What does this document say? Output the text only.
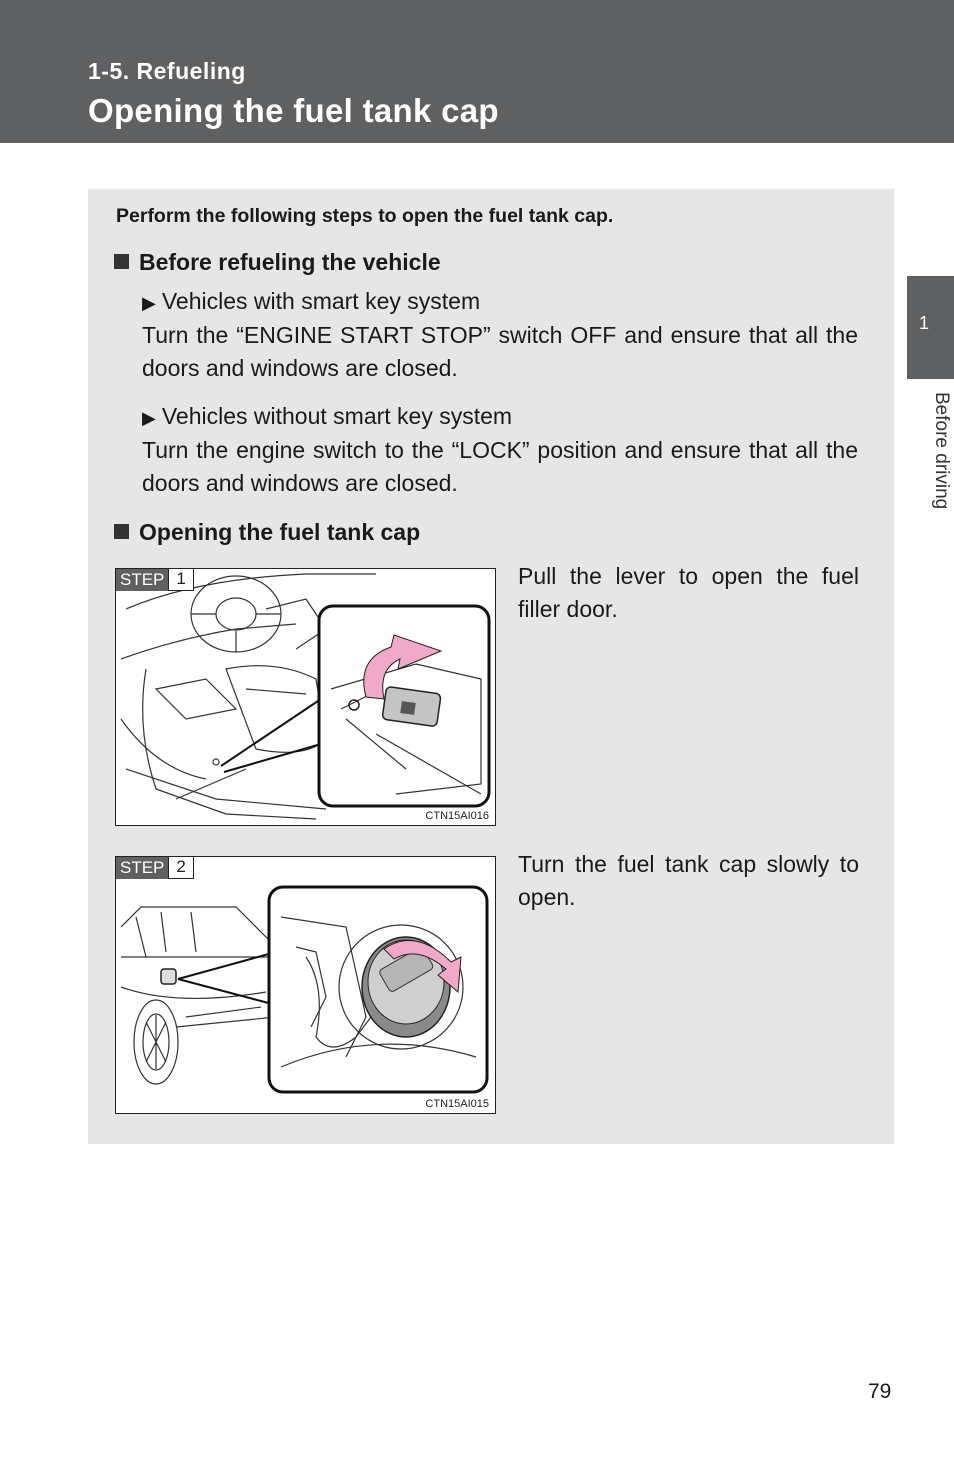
1-5. Refueling
Opening the fuel tank cap
1
Before driving
Perform the following steps to open the fuel tank cap.
Before refueling the vehicle
▶ Vehicles with smart key system
Turn the “ENGINE START STOP” switch OFF and ensure that all the doors and windows are closed.
▶ Vehicles without smart key system
Turn the engine switch to the “LOCK” position and ensure that all the doors and windows are closed.
Opening the fuel tank cap
STEP 1
CTN15AI016
Pull the lever to open the fuel filler door.
STEP 2
CTN15AI015
Turn the fuel tank cap slowly to open.
79
